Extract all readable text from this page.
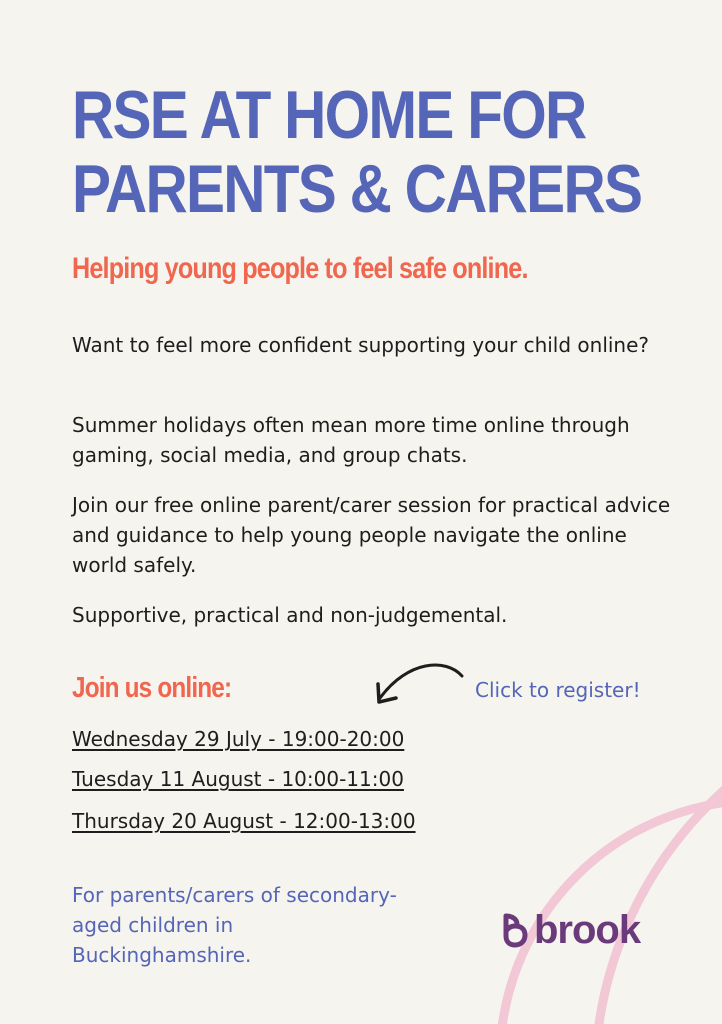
RSE AT HOME FOR
PARENTS & CARERS
Helping young people to feel safe online.

Want to feel more confident supporting your child online?

Summer holidays often mean more time online through gaming, social media, and group chats.

Join our free online parent/carer session for practical advice and guidance to help young people navigate the online world safely.

Supportive, practical and non-judgemental.

Join us online:	Click to register!
Wednesday 29 July - 19:00-20:00
Tuesday 11 August - 10:00-11:00
Thursday 20 August - 12:00-13:00

For parents/carers of secondary-aged children in Buckinghamshire.

brook
